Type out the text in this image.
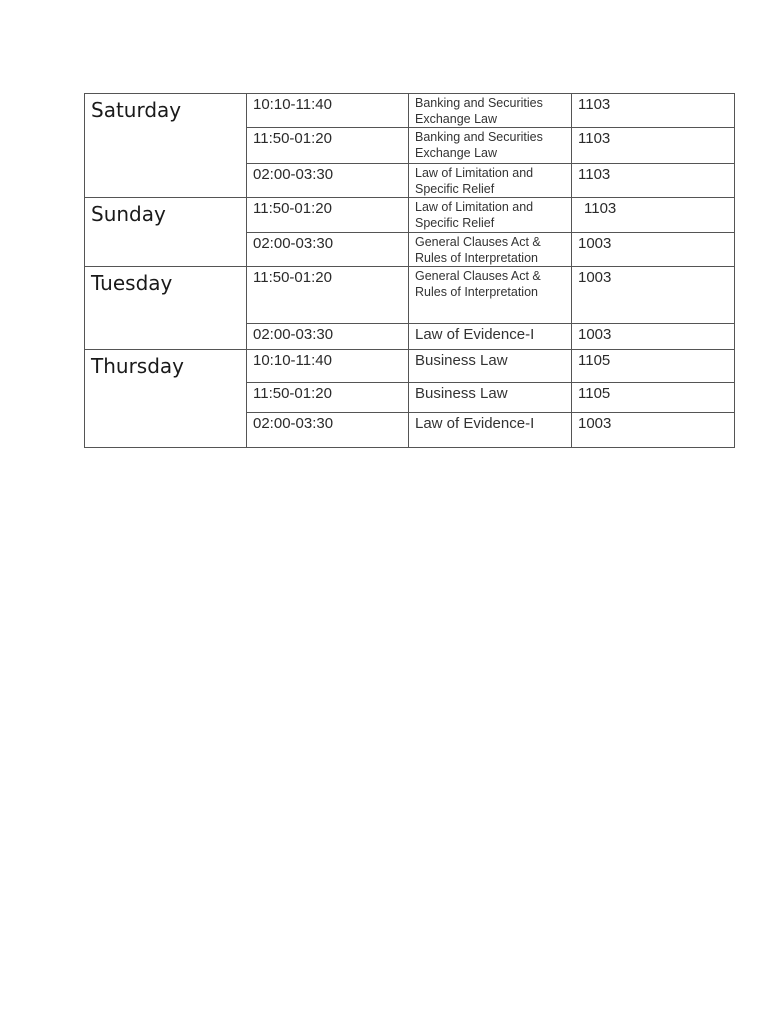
Saturday	10:10-11:40	Banking and Securities Exchange Law	1103
	11:50-01:20	Banking and Securities Exchange Law	1103
	02:00-03:30	Law of Limitation and Specific Relief	1103
Sunday	11:50-01:20	Law of Limitation and Specific Relief	1103
	02:00-03:30	General Clauses Act & Rules of Interpretation	1003
Tuesday	11:50-01:20	General Clauses Act & Rules of Interpretation	1003
	02:00-03:30	Law of Evidence-I	1003
Thursday	10:10-11:40	Business Law	1105
	11:50-01:20	Business Law	1105
	02:00-03:30	Law of Evidence-I	1003
